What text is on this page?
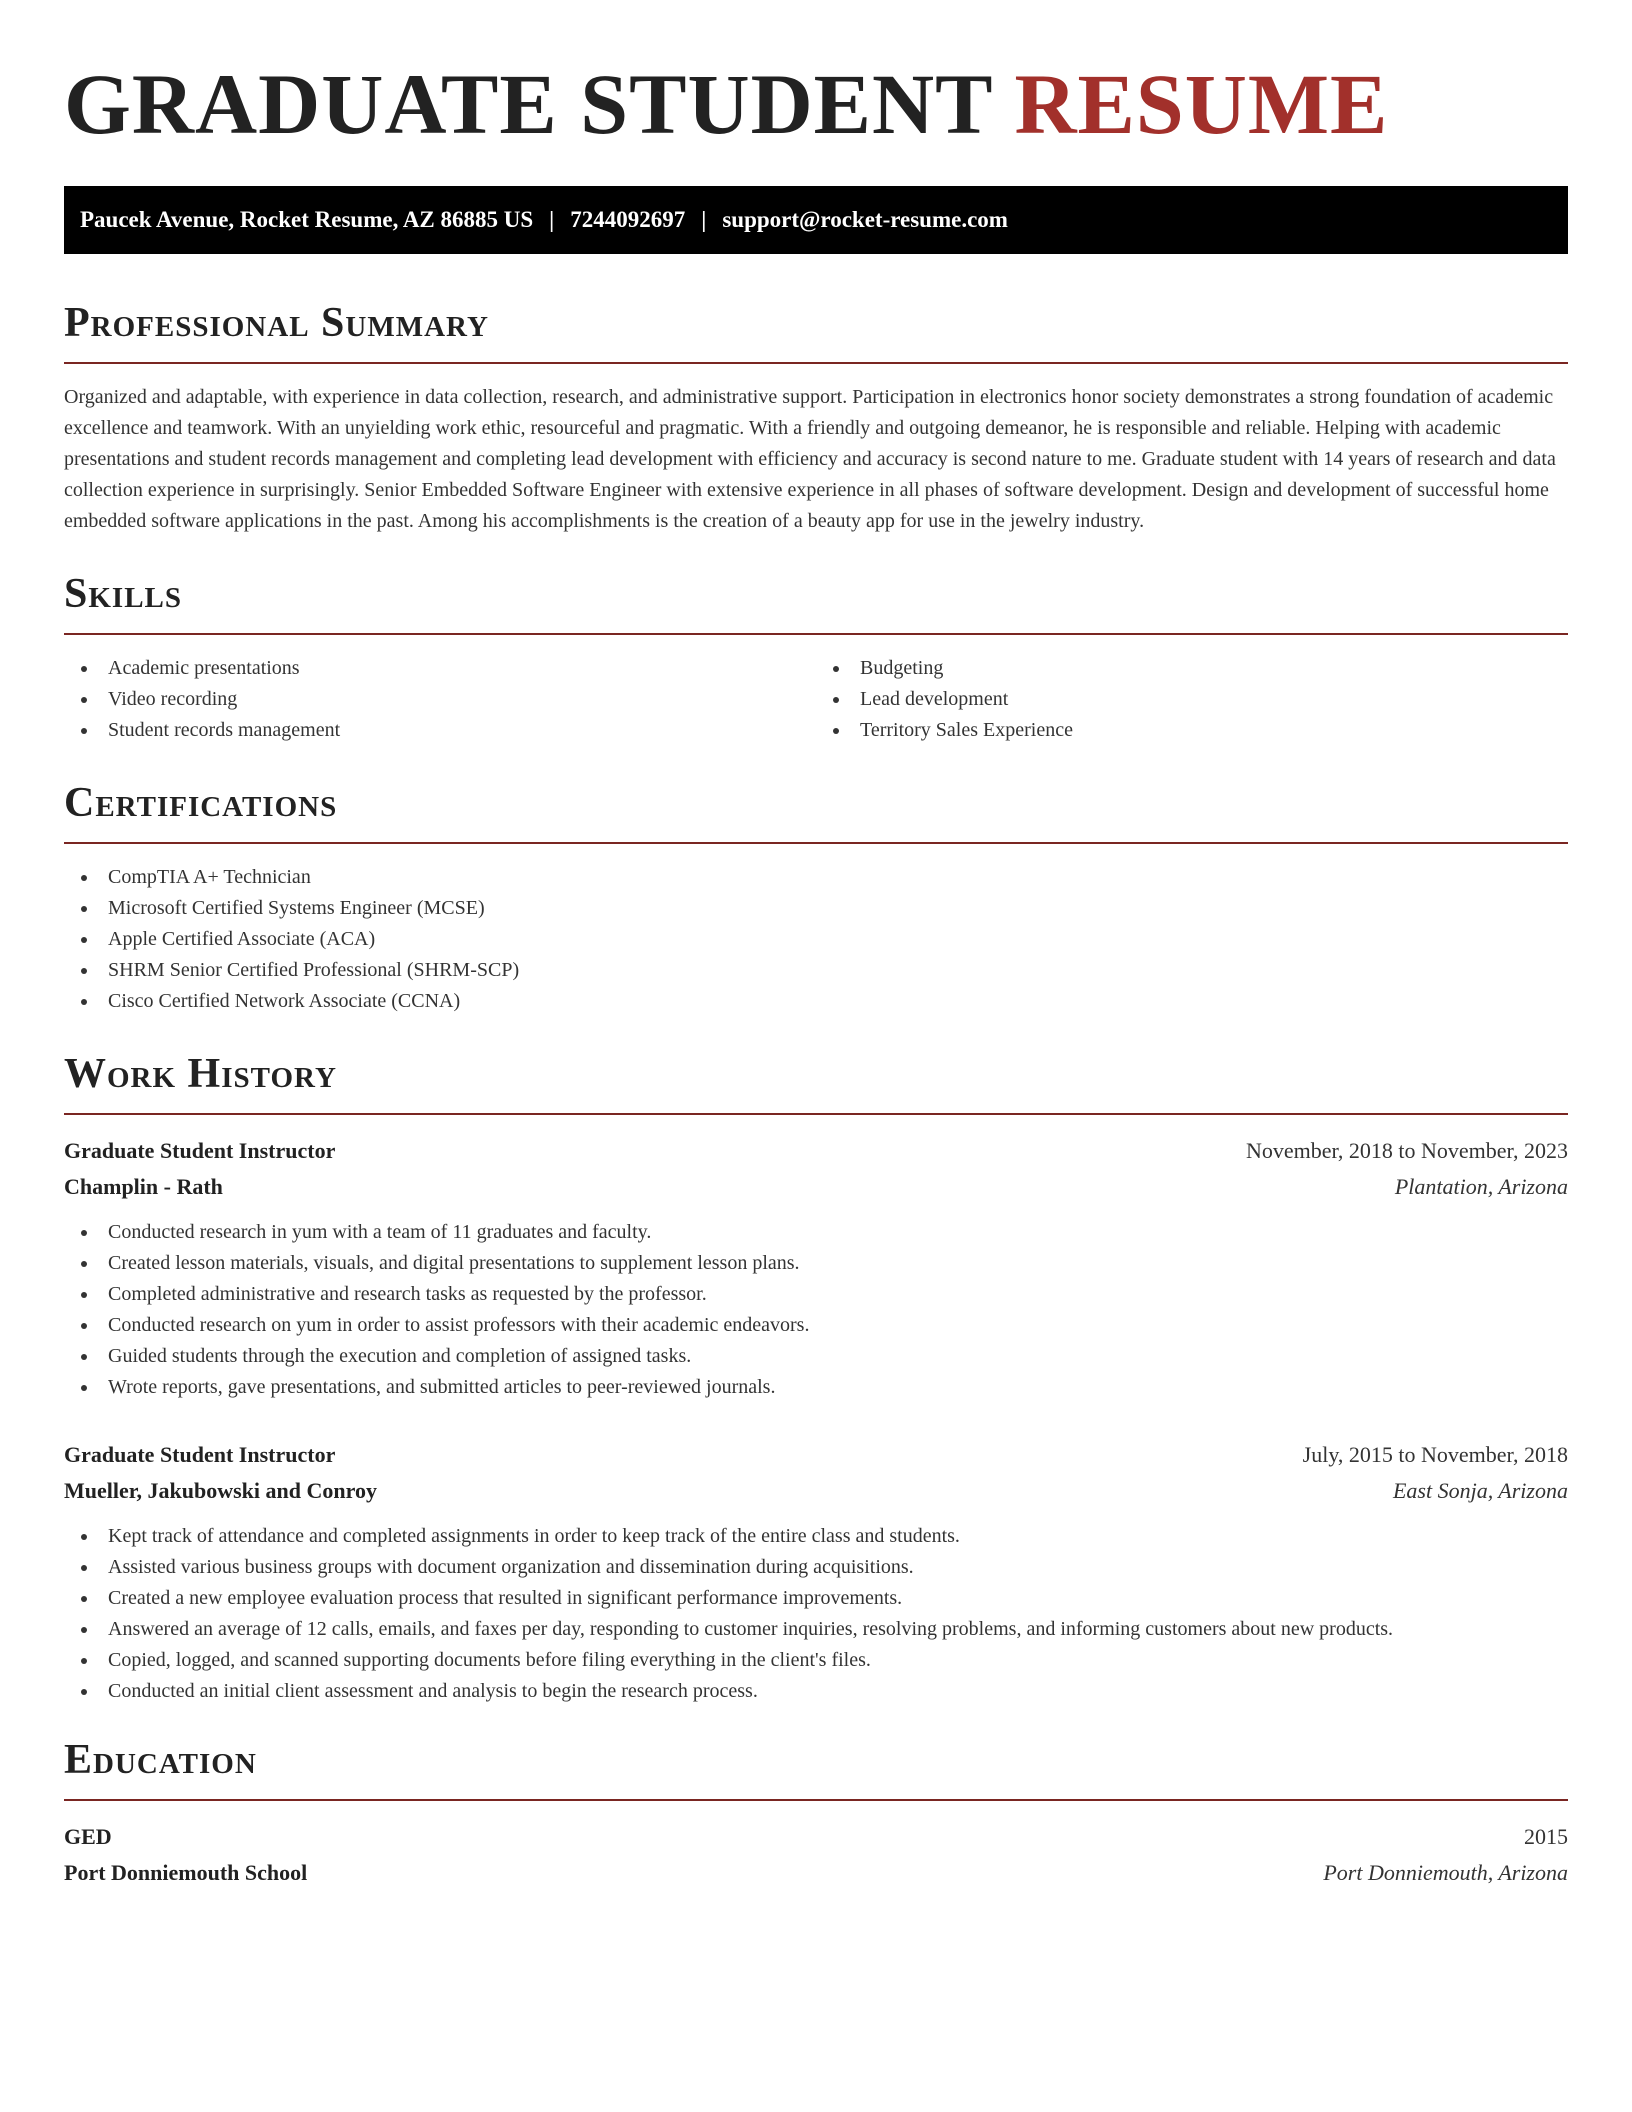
GRADUATE STUDENT RESUME
Paucek Avenue, Rocket Resume, AZ 86885 US | 7244092697 | support@rocket-resume.com
Professional Summary

Organized and adaptable, with experience in data collection, research, and administrative support. Participation in electronics honor society demonstrates a strong foundation of academic excellence and teamwork. With an unyielding work ethic, resourceful and pragmatic. With a friendly and outgoing demeanor, he is responsible and reliable. Helping with academic presentations and student records management and completing lead development with efficiency and accuracy is second nature to me. Graduate student with 14 years of research and data collection experience in surprisingly. Senior Embedded Software Engineer with extensive experience in all phases of software development. Design and development of successful home embedded software applications in the past. Among his accomplishments is the creation of a beauty app for use in the jewelry industry.

Skills
Academic presentations
Video recording
Student records management
Budgeting
Lead development
Territory Sales Experience
Certifications
CompTIA A+ Technician
Microsoft Certified Systems Engineer (MCSE)
Apple Certified Associate (ACA)
SHRM Senior Certified Professional (SHRM-SCP)
Cisco Certified Network Associate (CCNA)
Work History
Graduate Student Instructor	November, 2018 to November, 2023
Champlin - Rath	Plantation, Arizona
Conducted research in yum with a team of 11 graduates and faculty.
Created lesson materials, visuals, and digital presentations to supplement lesson plans.
Completed administrative and research tasks as requested by the professor.
Conducted research on yum in order to assist professors with their academic endeavors.
Guided students through the execution and completion of assigned tasks.
Wrote reports, gave presentations, and submitted articles to peer-reviewed journals.
Graduate Student Instructor	July, 2015 to November, 2018
Mueller, Jakubowski and Conroy	East Sonja, Arizona
Kept track of attendance and completed assignments in order to keep track of the entire class and students.
Assisted various business groups with document organization and dissemination during acquisitions.
Created a new employee evaluation process that resulted in significant performance improvements.
Answered an average of 12 calls, emails, and faxes per day, responding to customer inquiries, resolving problems, and informing customers about new products.
Copied, logged, and scanned supporting documents before filing everything in the client's files.
Conducted an initial client assessment and analysis to begin the research process.
Education
GED	2015
Port Donniemouth School	Port Donniemouth, Arizona
